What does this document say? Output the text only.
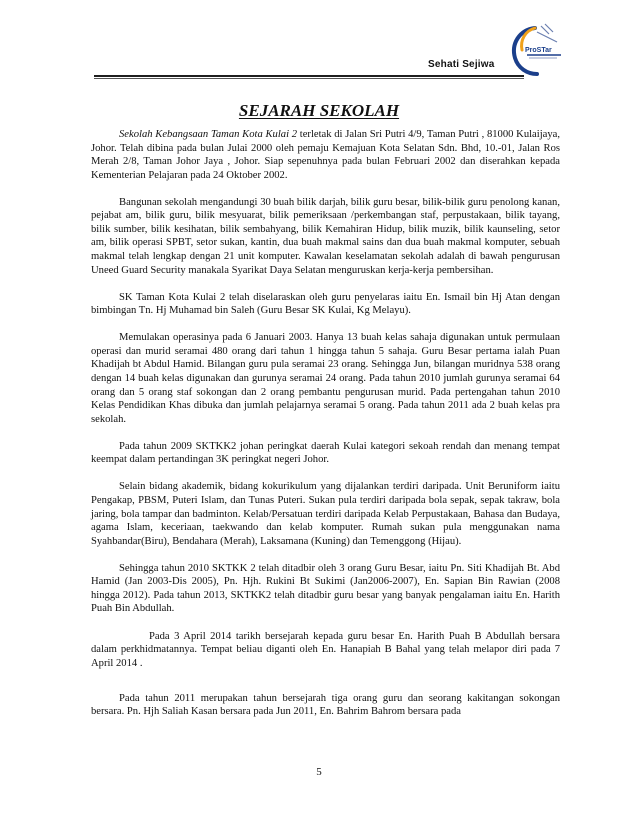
Sehati Sejiwa
ProSTar
SEJARAH SEKOLAH

Sekolah Kebangsaan Taman Kota Kulai 2 terletak di Jalan Sri Putri 4/9, Taman Putri , 81000 Kulaijaya, Johor. Telah dibina pada bulan Julai 2000 oleh pemaju Kemajuan Kota Selatan Sdn. Bhd, 10.-01, Jalan Ros Merah 2/8, Taman Johor Jaya , Johor. Siap sepenuhnya pada bulan Februari 2002 dan diserahkan kepada Kementerian Pelajaran pada 24 Oktober 2002.

Bangunan sekolah mengandungi 30 buah bilik darjah, bilik guru besar, bilik-bilik guru penolong kanan, pejabat am, bilik guru, bilik mesyuarat, bilik pemeriksaan /perkembangan staf, perpustakaan, bilik tayang, bilik sumber, bilik kesihatan, bilik sembahyang, bilik Kemahiran Hidup, bilik muzik, bilik kaunseling, setor am, bilik operasi SPBT, setor sukan, kantin, dua buah makmal sains dan dua buah makmal komputer, sebuah makmal telah lengkap dengan 21 unit komputer. Kawalan keselamatan sekolah adalah di bawah pengurusan Uneed Guard Security manakala Syarikat Daya Selatan menguruskan kerja-kerja pembersihan.

SK Taman Kota Kulai 2 telah diselaraskan oleh guru penyelaras iaitu En. Ismail bin Hj Atan dengan bimbingan Tn. Hj Muhamad bin Saleh (Guru Besar SK Kulai, Kg Melayu).

Memulakan operasinya pada 6 Januari 2003. Hanya 13 buah kelas sahaja digunakan untuk permulaan operasi dan murid seramai 480 orang dari tahun 1 hingga tahun 5 sahaja. Guru Besar pertama ialah Puan Khadijah bt Abdul Hamid. Bilangan guru pula seramai 23 orang. Sehingga Jun, bilangan muridnya 538 orang dengan 14 buah kelas digunakan dan gurunya seramai 24 orang. Pada tahun 2010 jumlah gurunya seramai 64 orang dan 5 orang staf sokongan dan 2 orang pembantu pengurusan murid. Pada pertengahan tahun 2010 Kelas Pendidikan Khas dibuka dan jumlah pelajarnya seramai 5 orang. Pada tahun 2011 ada 2 buah kelas pra sekolah.

Pada tahun 2009 SKTKK2 johan peringkat daerah Kulai kategori sekoah rendah dan menang tempat keempat dalam pertandingan 3K peringkat negeri Johor.

Selain bidang akademik, bidang kokurikulum yang dijalankan terdiri daripada. Unit Beruniform iaitu Pengakap, PBSM, Puteri Islam, dan Tunas Puteri. Sukan pula terdiri daripada bola sepak, sepak takraw, bola jaring, bola tampar dan badminton. Kelab/Persatuan terdiri daripada Kelab Perpustakaan, Bahasa dan Budaya, agama Islam, keceriaan, taekwando dan kelab komputer. Rumah sukan pula menggunakan nama Syahbandar(Biru), Bendahara (Merah), Laksamana (Kuning) dan Temenggong (Hijau).

Sehingga tahun 2010 SKTKK 2 telah ditadbir oleh 3 orang Guru Besar, iaitu Pn. Siti Khadijah Bt. Abd Hamid (Jan 2003-Dis 2005), Pn. Hjh. Rukini Bt Sukimi (Jan2006-2007), En. Sapian Bin Rawian (2008 hingga 2012). Pada tahun 2013, SKTKK2 telah ditadbir guru besar yang banyak pengalaman iaitu En. Harith Puah Bin Abdullah.

Pada 3 April 2014 tarikh bersejarah kepada guru besar En. Harith Puah B Abdullah bersara dalam perkhidmatannya. Tempat beliau diganti oleh En. Hanapiah B Bahal yang telah melapor diri pada 7 April 2014 .

Pada tahun 2011 merupakan tahun bersejarah tiga orang guru dan seorang kakitangan sokongan bersara. Pn. Hjh Saliah Kasan bersara pada Jun 2011, En. Bahrim Bahrom bersara pada

5
